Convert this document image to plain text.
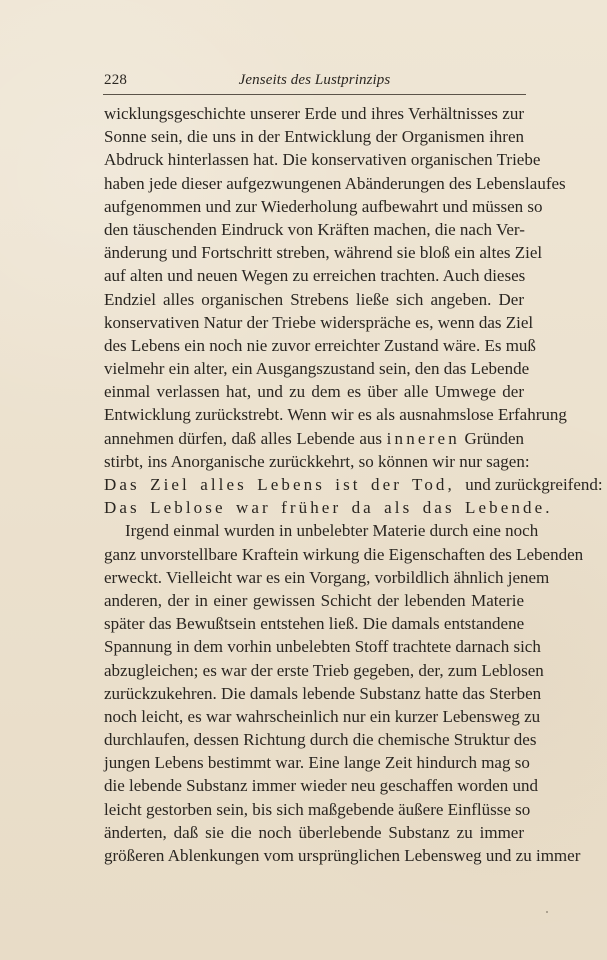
228	Jenseits des Lustprinzips
wicklungsgeschichte unserer Erde und ihres Verhältnisses zur
Sonne sein, die uns in der Entwicklung der Organismen ihren
Abdruck hinterlassen hat. Die konservativen organischen Triebe
haben jede dieser aufgezwungenen Abänderungen des Lebenslaufes
aufgenommen und zur Wiederholung aufbewahrt und müssen so
den täuschenden Eindruck von Kräften machen, die nach Ver-
änderung und Fortschritt streben, während sie bloß ein altes Ziel
auf alten und neuen Wegen zu erreichen trachten. Auch dieses
Endziel alles organischen Strebens ließe sich angeben. Der
konservativen Natur der Triebe widerspräche es, wenn das Ziel
des Lebens ein noch nie zuvor erreichter Zustand wäre. Es muß
vielmehr ein alter, ein Ausgangszustand sein, den das Lebende
einmal verlassen hat, und zu dem es über alle Umwege der
Entwicklung zurückstrebt. Wenn wir es als ausnahmslose Erfahrung
annehmen dürfen, daß alles Lebende aus inneren Gründen
stirbt, ins Anorganische zurückkehrt, so können wir nur sagen:
Das Ziel alles Lebens ist der Tod, und zurückgreifend:
Das Leblose war früher da als das Lebende.
Irgend einmal wurden in unbelebter Materie durch eine noch
ganz unvorstellbare Kraftein wirkung die Eigenschaften des Lebenden
erweckt. Vielleicht war es ein Vorgang, vorbildlich ähnlich jenem
anderen, der in einer gewissen Schicht der lebenden Materie
später das Bewußtsein entstehen ließ. Die damals entstandene
Spannung in dem vorhin unbelebten Stoff trachtete darnach sich
abzugleichen; es war der erste Trieb gegeben, der, zum Leblosen
zurückzukehren. Die damals lebende Substanz hatte das Sterben
noch leicht, es war wahrscheinlich nur ein kurzer Lebensweg zu
durchlaufen, dessen Richtung durch die chemische Struktur des
jungen Lebens bestimmt war. Eine lange Zeit hindurch mag so
die lebende Substanz immer wieder neu geschaffen worden und
leicht gestorben sein, bis sich maßgebende äußere Einflüsse so
änderten, daß sie die noch überlebende Substanz zu immer
größeren Ablenkungen vom ursprünglichen Lebensweg und zu immer
